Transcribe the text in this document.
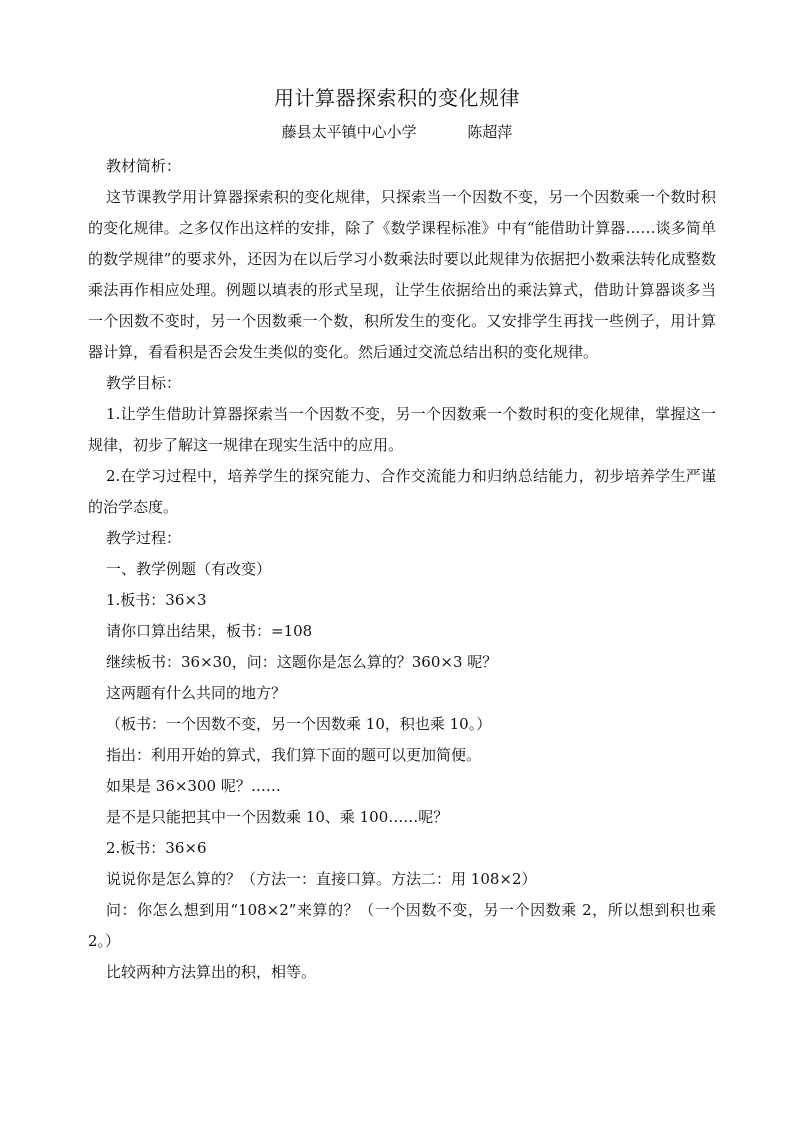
用计算器探索积的变化规律
藤县太平镇中心小学	陈超萍

教材简析：

这节课教学用计算器探索积的变化规律，只探索当一个因数不变，另一个因数乘一个数时积的变化规律。之多仅作出这样的安排，除了《数学课程标准》中有“能借助计算器……谈多简单的数学规律”的要求外，还因为在以后学习小数乘法时要以此规律为依据把小数乘法转化成整数乘法再作相应处理。例题以填表的形式呈现，让学生依据给出的乘法算式，借助计算器谈多当一个因数不变时，另一个因数乘一个数，积所发生的变化。又安排学生再找一些例子，用计算器计算，看看积是否会发生类似的变化。然后通过交流总结出积的变化规律。

教学目标：

1.让学生借助计算器探索当一个因数不变，另一个因数乘一个数时积的变化规律，掌握这一规律，初步了解这一规律在现实生活中的应用。

2.在学习过程中，培养学生的探究能力、合作交流能力和归纳总结能力，初步培养学生严谨的治学态度。

教学过程：

一、教学例题（有改变）

1.板书：36×3

请你口算出结果，板书：=108

继续板书：36×30，问：这题你是怎么算的？360×3 呢？

这两题有什么共同的地方？

（板书：一个因数不变，另一个因数乘 10，积也乘 10。）

指出：利用开始的算式，我们算下面的题可以更加简便。

如果是 36×300 呢？……

是不是只能把其中一个因数乘 10、乘 100……呢？

2.板书：36×6

说说你是怎么算的？（方法一：直接口算。方法二：用 108×2）

问：你怎么想到用“108×2”来算的？（一个因数不变，另一个因数乘 2，所以想到积也乘 2。）

比较两种方法算出的积，相等。
